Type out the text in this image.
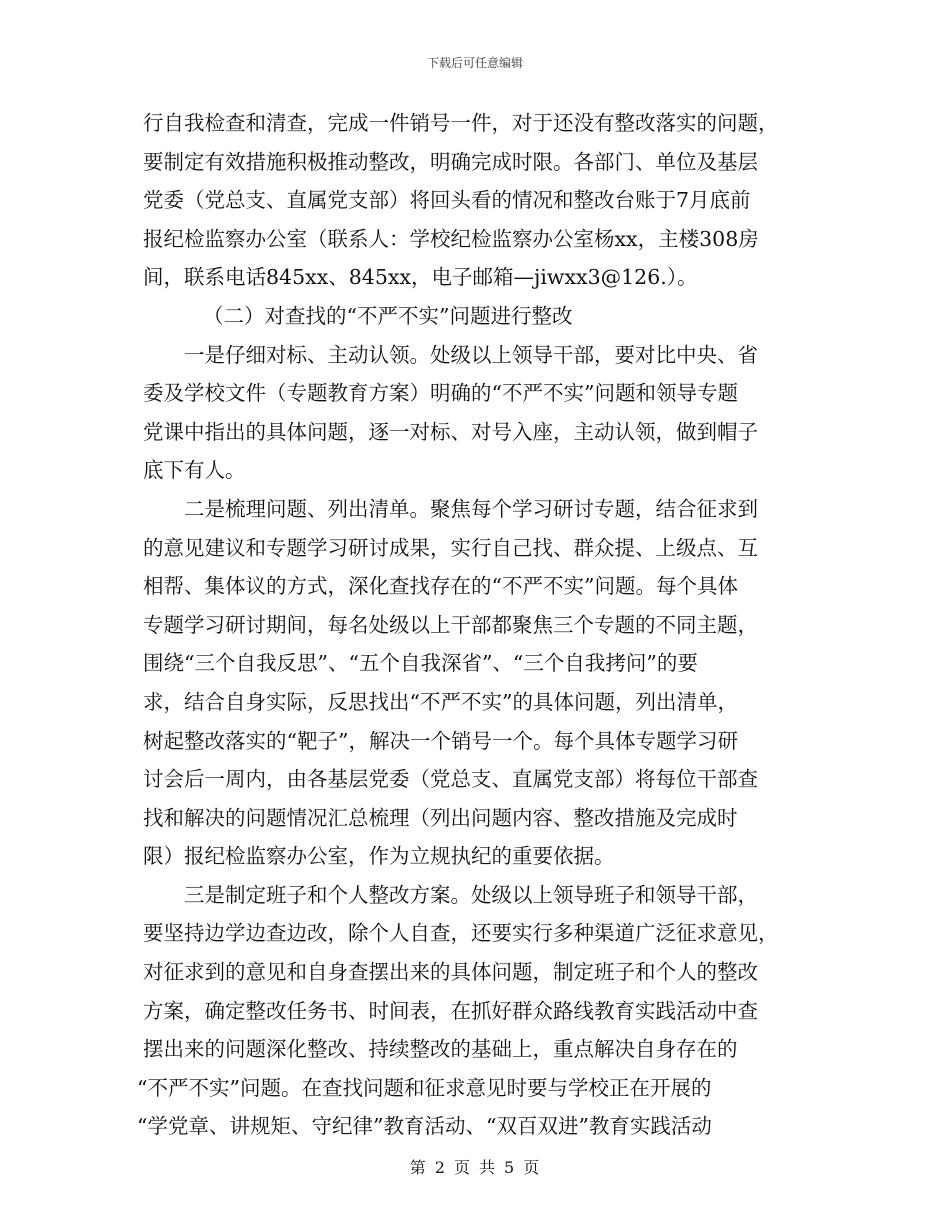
下载后可任意编辑
行自我检查和清查，完成一件销号一件，对于还没有整改落实的问题，
要制定有效措施积极推动整改，明确完成时限。各部门、单位及基层
党委（党总支、直属党支部）将回头看的情况和整改台账于7月底前
报纪检监察办公室（联系人：学校纪检监察办公室杨xx，主楼308房
间，联系电话845xx、845xx，电子邮箱—jiwxx3@126.）。
（二）对查找的“不严不实”问题进行整改
一是仔细对标、主动认领。处级以上领导干部，要对比中央、省
委及学校文件（专题教育方案）明确的“不严不实”问题和领导专题
党课中指出的具体问题，逐一对标、对号入座，主动认领，做到帽子
底下有人。
二是梳理问题、列出清单。聚焦每个学习研讨专题，结合征求到
的意见建议和专题学习研讨成果，实行自己找、群众提、上级点、互
相帮、集体议的方式，深化查找存在的“不严不实”问题。每个具体
专题学习研讨期间，每名处级以上干部都聚焦三个专题的不同主题，
围绕“三个自我反思”、“五个自我深省”、“三个自我拷问”的要
求，结合自身实际，反思找出“不严不实”的具体问题，列出清单，
树起整改落实的“靶子”，解决一个销号一个。每个具体专题学习研
讨会后一周内，由各基层党委（党总支、直属党支部）将每位干部查
找和解决的问题情况汇总梳理（列出问题内容、整改措施及完成时
限）报纪检监察办公室，作为立规执纪的重要依据。
三是制定班子和个人整改方案。处级以上领导班子和领导干部，
要坚持边学边查边改，除个人自查，还要实行多种渠道广泛征求意见，
对征求到的意见和自身查摆出来的具体问题，制定班子和个人的整改
方案，确定整改任务书、时间表，在抓好群众路线教育实践活动中查
摆出来的问题深化整改、持续整改的基础上，重点解决自身存在的
“不严不实”问题。在查找问题和征求意见时要与学校正在开展的
“学党章、讲规矩、守纪律”教育活动、“双百双进”教育实践活动
第 2 页 共 5 页
